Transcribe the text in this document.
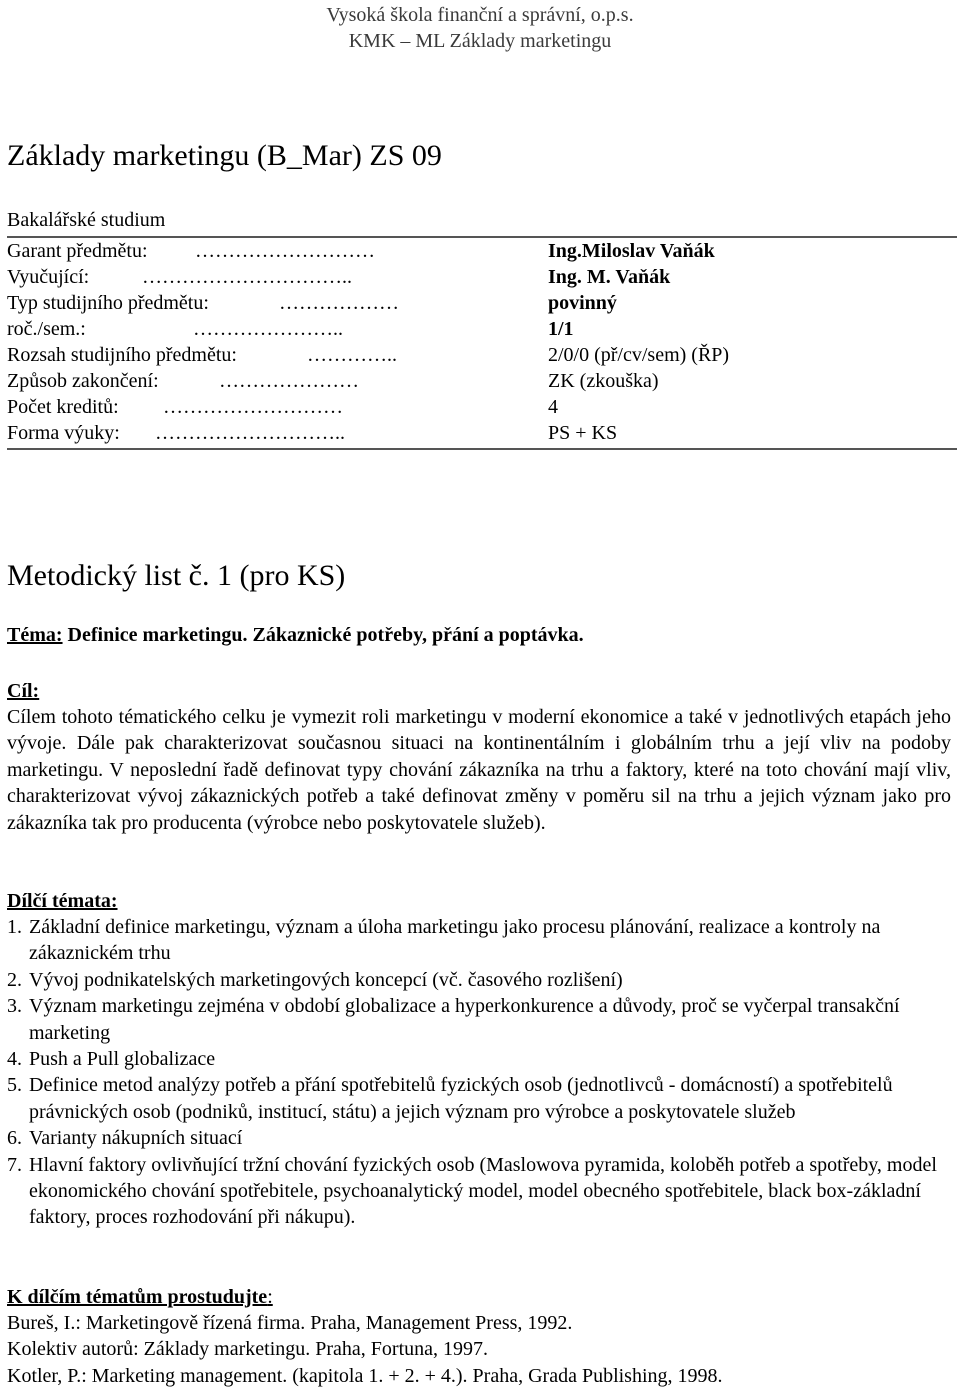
Vysoká škola finanční a správní, o.p.s.
KMK – ML Základy marketingu
Základy marketingu (B_Mar) ZS 09
Bakalářské studium
Garant předmětu: ………………………	Ing.Miloslav Vaňák
Vyučující:	…………………………..	Ing. M. Vaňák
Typ studijního předmětu:	………………	povinný
roč./sem.:	…………………..	1/1
Rozsah studijního předmětu:	…………..	2/0/0 (př/cv/sem) (ŘP)
Způsob zakončení:	…………………	ZK (zkouška)
Počet kreditů: ………………………	4
Forma výuky: ………………………..	PS + KS
Metodický list č. 1 (pro KS)
Téma: Definice marketingu. Zákaznické potřeby, přání a poptávka.
Cíl:
Cílem tohoto tématického celku je vymezit roli marketingu v moderní ekonomice a také v jednotlivých etapách jeho vývoje. Dále pak charakterizovat současnou situaci na kontinentálním i globálním trhu a její vliv na podoby marketingu. V neposlední řadě definovat typy chování zákazníka na trhu a faktory, které na toto chování mají vliv, charakterizovat vývoj zákaznických potřeb a také definovat změny v poměru sil na trhu a jejich význam jako pro zákazníka tak pro producenta (výrobce nebo poskytovatele služeb).
Dílčí témata:
1. Základní definice marketingu, význam a úloha marketingu jako procesu plánování, realizace a kontroly na zákaznickém trhu
2. Vývoj podnikatelských marketingových koncepcí (vč. časového rozlišení)
3. Význam marketingu zejména v období globalizace a hyperkonkurence a důvody, proč se vyčerpal transakční marketing
4. Push a Pull globalizace
5. Definice metod analýzy potřeb a přání spotřebitelů fyzických osob (jednotlivců - domácností) a spotřebitelů právnických osob (podniků, institucí, státu) a jejich význam pro výrobce a poskytovatele služeb
6. Varianty nákupních situací
7. Hlavní faktory ovlivňující tržní chování fyzických osob (Maslowova pyramida, koloběh potřeb a spotřeby, model ekonomického chování spotřebitele, psychoanalytický model, model obecného spotřebitele, black box-základní faktory, proces rozhodování při nákupu).
K dílčím tématům prostudujte:
Bureš, I.: Marketingově řízená firma. Praha, Management Press, 1992.
Kolektiv autorů: Základy marketingu. Praha, Fortuna, 1997.
Kotler, P.: Marketing management. (kapitola 1. + 2. + 4.). Praha, Grada Publishing, 1998.
